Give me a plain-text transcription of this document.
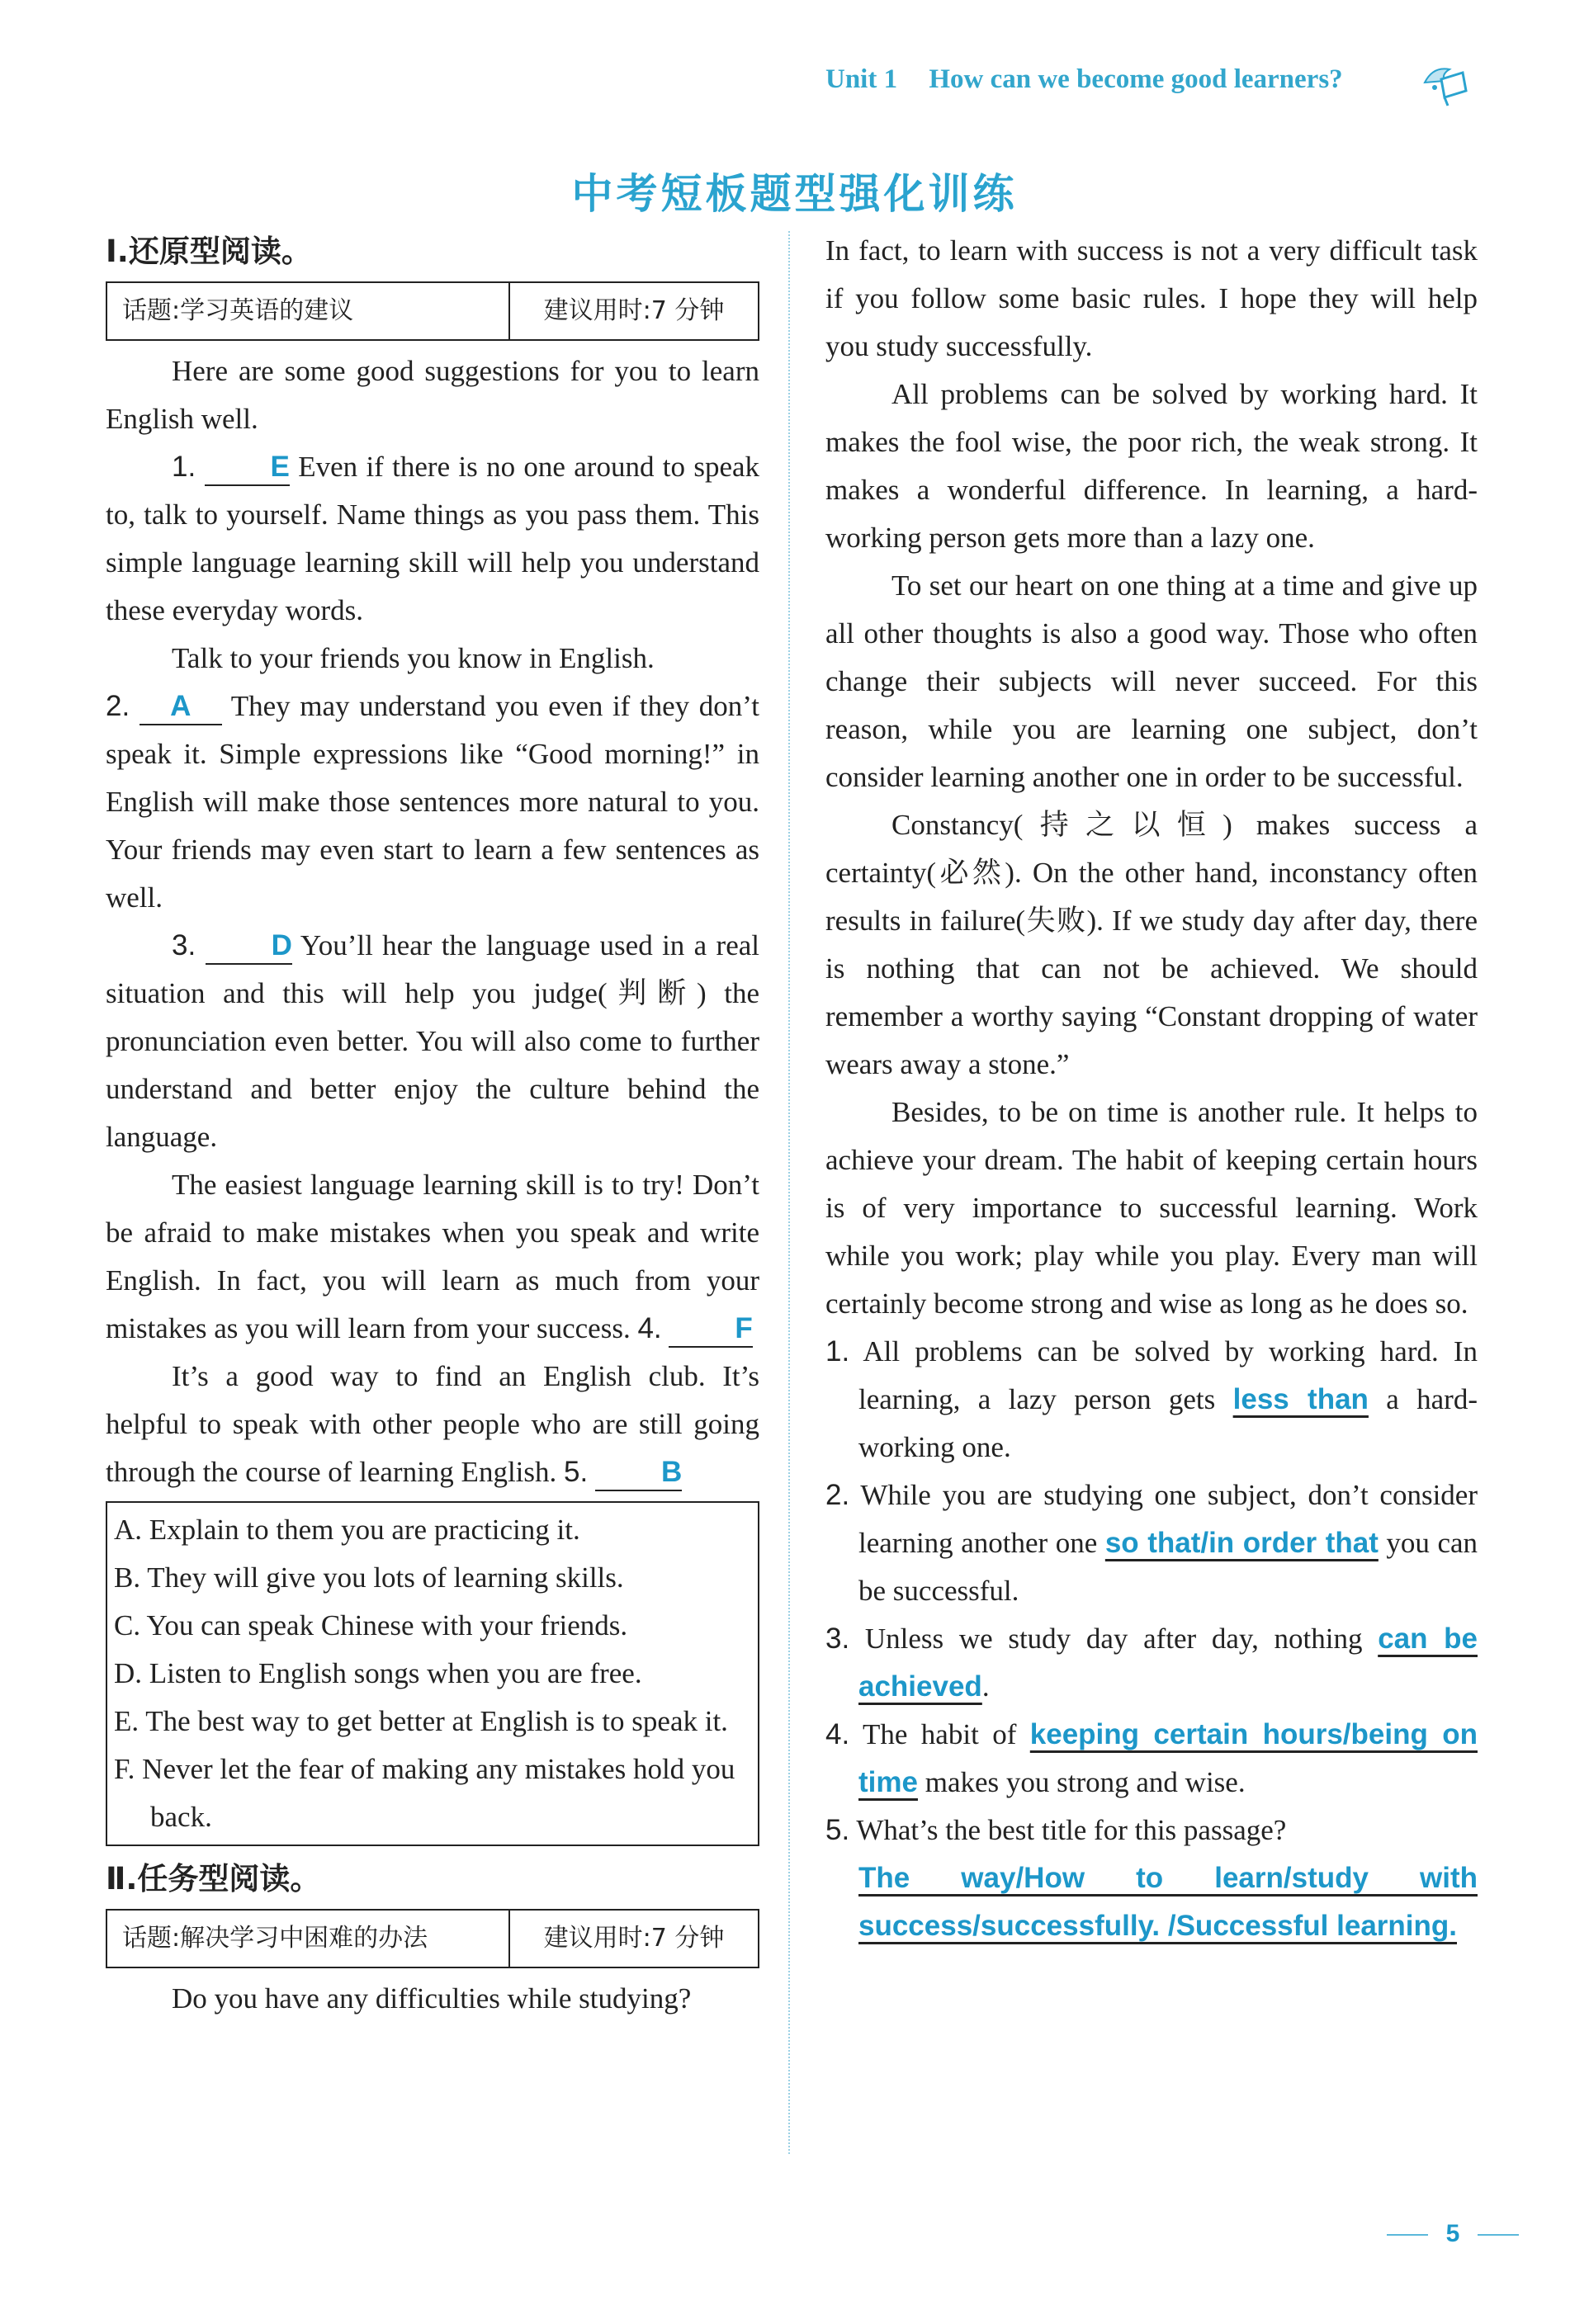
Unit 1 How can we become good learners?
中考短板题型强化训练
Ⅰ.还原型阅读。
话题:学习英语的建议	建议用时:7 分钟

Here are some good suggestions for you to learn English well.

1.	E Even if there is no one around to speak to, talk to yourself. Name things as you pass them. This simple language learning skill will help you understand these everyday words.

Talk to your friends you know in English.
2. A They may understand you even if they don’t speak it. Simple expressions like “Good morning!” in English will make those sentences more natural to you. Your friends may even start to learn a few sentences as well.

3.	D You’ll hear the language used in a real situation and this will help you judge(判断) the pronunciation even better. You will also come to further understand and better enjoy the culture behind the language.

The easiest language learning skill is to try! Don’t be afraid to make mistakes when you speak and write English. In fact, you will learn as much from your mistakes as you will learn from your success. 4.	F

It’s a good way to find an English club. It’s helpful to speak with other people who are still going through the course of learning English. 5.	B

A. Explain to them you are practicing it.
B. They will give you lots of learning skills.
C. You can speak Chinese with your friends.
D. Listen to English songs when you are free.
E. The best way to get better at English is to speak it.
F. Never let the fear of making any mistakes hold you back.
Ⅱ.任务型阅读。
话题:解决学习中困难的办法	建议用时:7 分钟

Do you have any difficulties while studying?

In fact, to learn with success is not a very difficult task if you follow some basic rules. I hope they will help you study successfully.

All problems can be solved by working hard. It makes the fool wise, the poor rich, the weak strong. It makes a wonderful difference. In learning, a hard-working person gets more than a lazy one.

To set our heart on one thing at a time and give up all other thoughts is also a good way. Those who often change their subjects will never succeed. For this reason, while you are learning one subject, don’t consider learning another one in order to be successful.

Constancy(持之以恒) makes success a certainty(必然). On the other hand, inconstancy often results in failure(失败). If we study day after day, there is nothing that can not be achieved. We should remember a worthy saying “Constant dropping of water wears away a stone.”

Besides, to be on time is another rule. It helps to achieve your dream. The habit of keeping certain hours is of very importance to successful learning. Work while you work; play while you play. Every man will certainly become strong and wise as long as he does so.

1. All problems can be solved by working hard. In learning, a lazy person gets less than a hard-working one.

2. While you are studying one subject, don’t consider learning another one so that/in order that you can be successful.

3. Unless we study day after day, nothing can be achieved.

4. The habit of keeping certain hours/being on time makes you strong and wise.

5. What’s the best title for this passage?
The way/How to learn/study with success/successfully. /Successful learning.

5
